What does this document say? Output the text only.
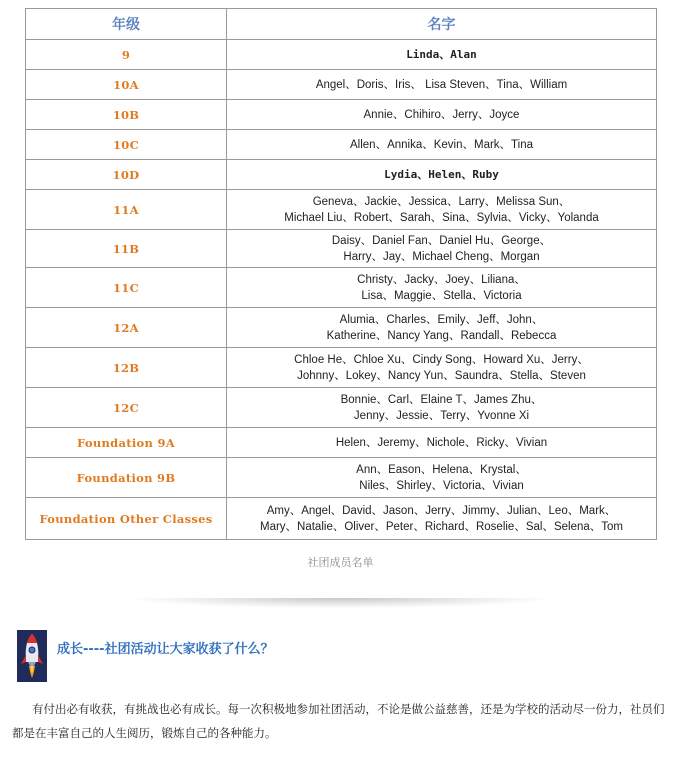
年级	名字
9	Linda、Alan

10A	Angel、Doris、Iris、 Lisa Steven、Tina、William

10B	Annie、Chihiro、Jerry、Joyce

10C	Allen、Annika、Kevin、Mark、Tina

10D	Lydia、Helen、Ruby

11A	Geneva、Jackie、Jessica、Larry、Melissa Sun、
Michael Liu、Robert、Sarah、Sina、Sylvia、Vicky、Yolanda

11B	Daisy、Daniel Fan、Daniel Hu、George、
Harry、Jay、Michael Cheng、Morgan

11C	Christy、Jacky、Joey、Liliana、
Lisa、Maggie、Stella、Victoria

12A	Alumia、Charles、Emily、Jeff、John、
Katherine、Nancy Yang、Randall、Rebecca

12B	Chloe He、Chloe Xu、Cindy Song、Howard Xu、Jerry、
Johnny、Lokey、Nancy Yun、Saundra、Stella、Steven

12C	Bonnie、Carl、Elaine T、James Zhu、
Jenny、Jessie、Terry、Yvonne Xi

Foundation 9A	Helen、Jeremy、Nichole、Ricky、Vivian

Foundation 9B	Ann、Eason、Helena、Krystal、
Niles、Shirley、Victoria、Vivian

Foundation Other Classes	Amy、Angel、David、Jason、Jerry、Jimmy、Julian、Leo、Mark、
Mary、Natalie、Oliver、Peter、Richard、Roselie、Sal、Selena、Tom
社团成员名单
成长----社团活动让大家收获了什么？
有付出必有收获，有挑战也必有成长。每一次积极地参加社团活动，不论是做公益慈善，还是为学校的活动尽一份力，社员们都是在丰富自己的人生阅历，锻炼自己的各种能力。
